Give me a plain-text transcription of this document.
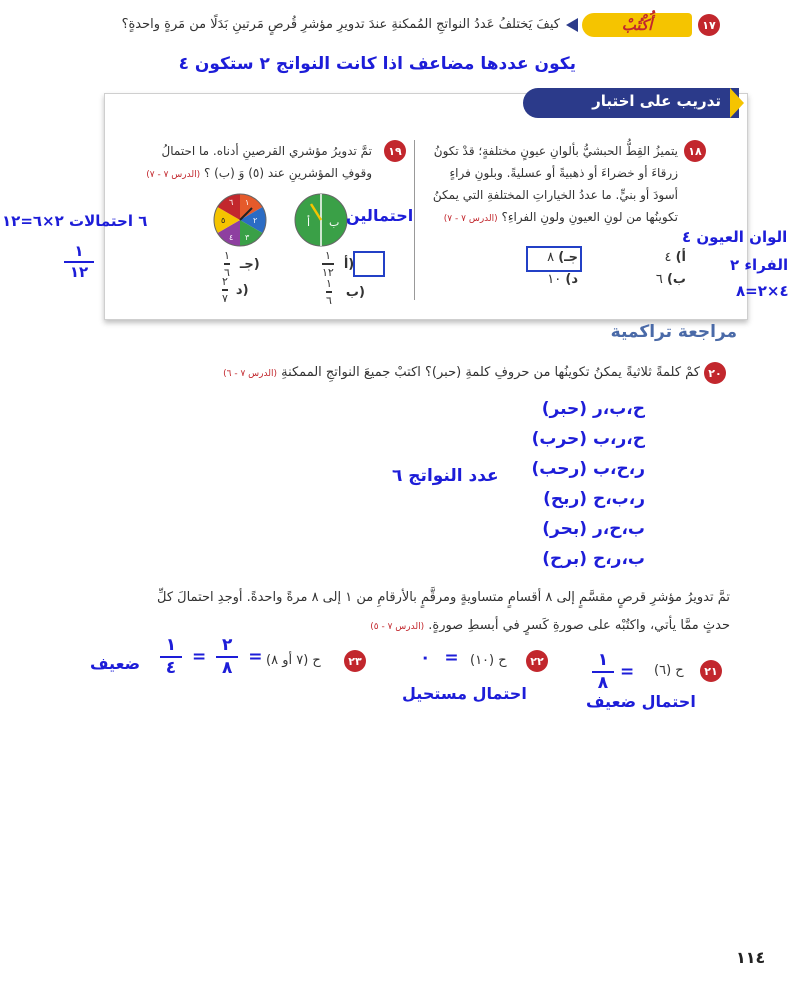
١٧
أُكْتُبْ
كيفَ يَختلفُ عَددُ النواتجِ المُمكنةِ عندَ تدويرِ مؤشرِ قُرصٍ مَرتينِ بَدَلًا من مَرةٍ واحدةٍ؟
يكون عددها مضاعف اذا كانت النواتج ٢ ستكون ٤
تدريب على اختبار
١٨
يتميزُ القِطُّ الحبشيُّ بألوانِ عيونٍ مختلفةٍ؛ قدْ تكونُ
زرقاءَ أو خضراءَ أو ذهبيةً أو عسليةً. وبلونِ فراءٍ
أسودَ أو بنيٍّ. ما عددُ الخياراتِ المختلفةِ التي يمكنُ
تكوينُها من لونِ العيونِ ولونِ الفراءِ؟ (الدرس ٧ - ٧)
أ) ٤
جـ) ٨
ب) ٦
د) ١٠
١٩
تمَّ تدويرُ مؤشري القرصينِ أدناه. ما احتمالُ
وقوفِ المؤشرينِ عند (٥) وَ (ب) ؟ (الدرس ٧ - ٧)
أ ب
١
٢
٣
٤
٥
٦
$\frac{١}{١٢}$ أ)
$\frac{١}{٦}$ ب)
$\frac{١}{٦}$ جـ)
$\frac{٢}{٧}$ د)
الوان العيون ٤
الفراء ٢
٤×٢=٨
احتمالين
٦ احتمالات ٢×٦=١٢
١
١٢
مراجعة تراكمية
٢٠
كمْ كلمةً ثلاثيةً يمكنُ تكوينُها من حروفِ كلمةِ (حبر)؟ اكتبْ جميعَ النواتجِ الممكنةِ (الدرس ٧ - ٦)
ح،ب،ر (حبر)
ح،ر،ب (حرب)
ر،ح،ب (رحب)
ر،ب،ح (ربح)
ب،ح،ر (بحر)
ب،ر،ح (برح)
عدد النواتج ٦
تمَّ تدويرُ مؤشرِ قرصٍ مقسَّمٍ إلى ٨ أقسامٍ متساويةٍ ومرقَّمٍ بالأرقامِ من ١ إلى ٨ مرةً واحدةً. أوجدِ احتمالَ كلِّ
حدثٍ ممَّا يأتي، واكتُبْه على صورةِ كَسرٍ في أبسطِ صورةٍ. (الدرس ٧ - ٥)
٢١
ح (٦)
$\frac{١}{٨}$ =
احتمال ضعيف
٢٢
ح (١٠)
٠ =
احتمال مستحيل
٢٣
ح (٧ أو ٨)
$\frac{١}{٤} = \frac{٢}{٨}$ =
ضعيف
١١٤
